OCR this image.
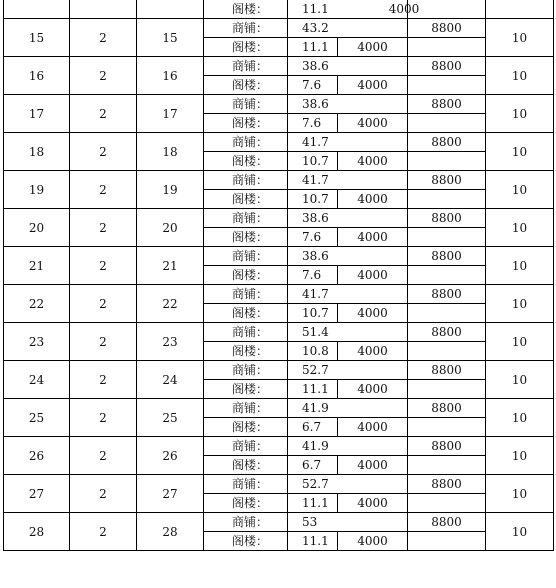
			阁楼：	11.1 4000			
15	2	15	商铺：	43.2		8800	10
			阁楼：	11.1	4000		
16	2	16	商铺：	38.6		8800	10
			阁楼：	7.6	4000		
17	2	17	商铺：	38.6		8800	10
			阁楼：	7.6	4000		
18	2	18	商铺：	41.7		8800	10
			阁楼：	10.7	4000		
19	2	19	商铺：	41.7		8800	10
			阁楼：	10.7	4000		
20	2	20	商铺：	38.6		8800	10
			阁楼：	7.6	4000		
21	2	21	商铺：	38.6		8800	10
			阁楼：	7.6	4000		
22	2	22	商铺：	41.7		8800	10
			阁楼：	10.7	4000		
23	2	23	商铺：	51.4		8800	10
			阁楼：	10.8	4000		
24	2	24	商铺：	52.7		8800	10
			阁楼：	11.1	4000		
25	2	25	商铺：	41.9		8800	10
			阁楼：	6.7	4000		
26	2	26	商铺：	41.9		8800	10
			阁楼：	6.7	4000		
27	2	27	商铺：	52.7		8800	10
			阁楼：	11.1	4000		
28	2	28	商铺：	53		8800	10
			阁楼：	11.1	4000		
